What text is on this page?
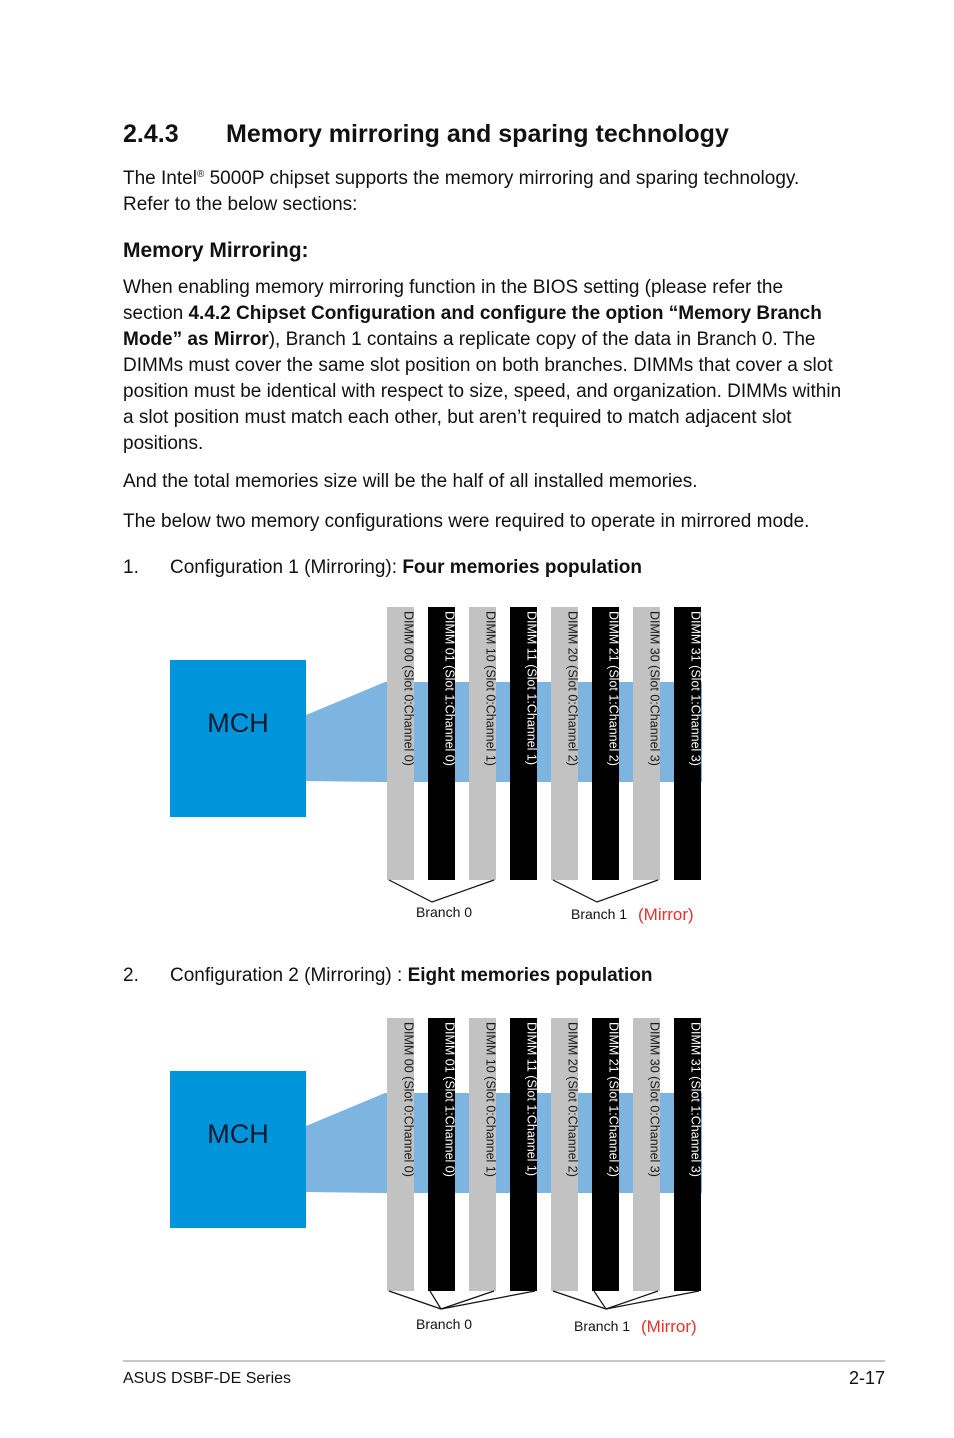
2.4.3 Memory mirroring and sparing technology

The Intel® 5000P chipset supports the memory mirroring and sparing technology. Refer to the below sections:

Memory Mirroring:

When enabling memory mirroring function in the BIOS setting (please refer the section 4.4.2 Chipset Configuration and configure the option “Memory Branch Mode” as Mirror), Branch 1 contains a replicate copy of the data in Branch 0. The DIMMs must cover the same slot position on both branches. DIMMs that cover a slot position must be identical with respect to size, speed, and organization. DIMMs within a slot position must match each other, but aren’t required to match adjacent slot positions.

And the total memories size will be the half of all installed memories.

The below two memory configurations were required to operate in mirrored mode.

1. Configuration 1 (Mirroring): Four memories population
MCH	DIMM 00 (Slot 0:Channel 0) DIMM 01 (Slot 1:Channel 0) DIMM 10 (Slot 0:Channel 1) DIMM 11 (Slot 1:Channel 1) DIMM 20 (Slot 0:Channel 2) DIMM 21 (Slot 1:Channel 2) DIMM 30 (Slot 0:Channel 3) DIMM 31 (Slot 1:Channel 3)
Branch 0	Branch 1 (Mirror)
2. Configuration 2 (Mirroring) : Eight memories population
MCH	DIMM 00 (Slot 0:Channel 0) DIMM 01 (Slot 1:Channel 0) DIMM 10 (Slot 0:Channel 1) DIMM 11 (Slot 1:Channel 1) DIMM 20 (Slot 0:Channel 2) DIMM 21 (Slot 1:Channel 2) DIMM 30 (Slot 0:Channel 3) DIMM 31 (Slot 1:Channel 3)
Branch 0	Branch 1 (Mirror)
ASUS DSBF-DE Series	2-17
